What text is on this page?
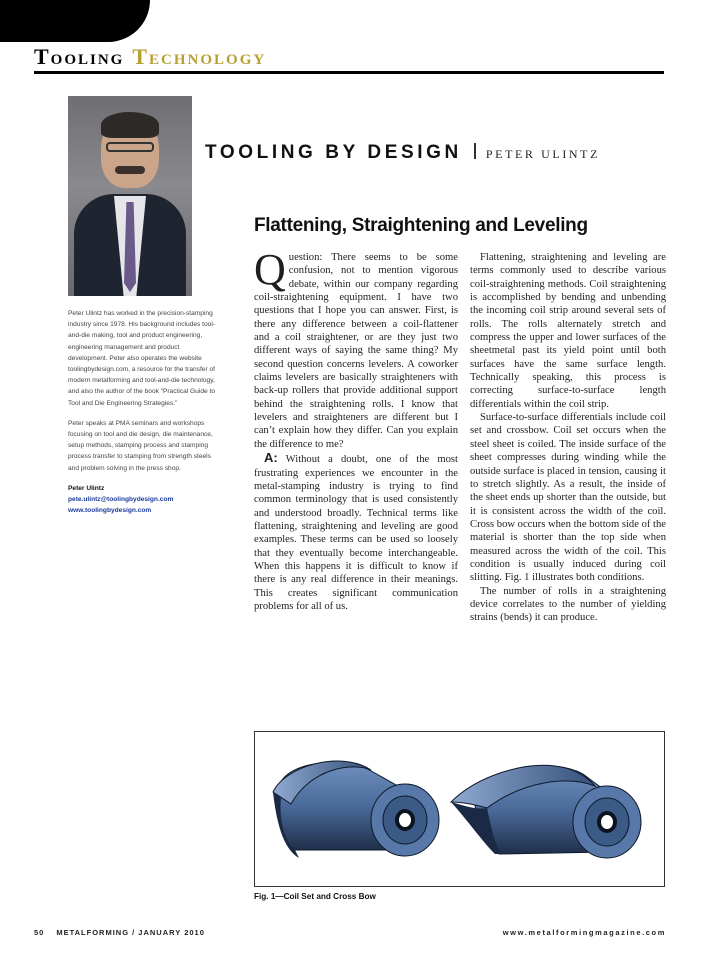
Tooling Technology

Peter Ulintz has worked in the precision-stamping industry since 1978. His background includes tool-and-die making, tool and product engineering, engineering management and product development. Peter also operates the website toolingbydesign.com, a resource for the transfer of modern metalforming and tool-and-die technology, and also the author of the book “Practical Guide to Tool and Die Engineering Strategies.”

Peter speaks at PMA seminars and workshops focusing on tool and die design, die maintenance, setup methods, stamping process and stamping process transfer to stamping from strength steels and problem solving in the press shop.

Peter Ulintz
pete.ulintz@toolingbydesign.com
www.toolingbydesign.com
TOOLING BY DESIGN PETER ULINTZ
Flattening, Straightening and Leveling

Question: There seems to be some confusion, not to mention vigorous debate, within our company regarding coil-straightening equipment. I have two questions that I hope you can answer. First, is there any difference between a coil-flattener and a coil straightener, or are they just two different ways of saying the same thing? My second question concerns levelers. A coworker claims levelers are basically straighteners with back-up rollers that provide additional support behind the straightening rolls. I know that levelers and straighteners are different but I can’t explain how they differ. Can you explain the difference to me?

A: Without a doubt, one of the most frustrating experiences we encounter in the metal-stamping industry is trying to find common terminology that is used consistently and understood broadly. Technical terms like flattening, straightening and leveling are good examples. These terms can be used so loosely that they eventually become interchangeable. When this happens it is difficult to know if there is any real difference in their meanings. This creates significant communication problems for all of us.

Flattening, straightening and leveling are terms commonly used to describe various coil-straightening methods. Coil straightening is accomplished by bending and unbending the incoming coil strip around several sets of rolls. The rolls alternately stretch and compress the upper and lower surfaces of the sheetmetal past its yield point until both surfaces have the same surface length. Technically speaking, this process is correcting surface-to-surface length differentials within the coil strip.

Surface-to-surface differentials include coil set and crossbow. Coil set occurs when the steel sheet is coiled. The inside surface of the sheet compresses during winding while the outside surface is placed in tension, causing it to stretch slightly. As a result, the inside of the sheet ends up shorter than the outside, but it is consistent across the width of the coil. Cross bow occurs when the bottom side of the material is shorter than the top side when measured across the width of the coil. This condition is usually induced during coil slitting. Fig. 1 illustrates both conditions.

The number of rolls in a straightening device correlates to the number of yielding strains (bends) it can produce.

Fig. 1—Coil Set and Cross Bow
50 METALFORMING / JANUARY 2010	www.metalformingmagazine.com
